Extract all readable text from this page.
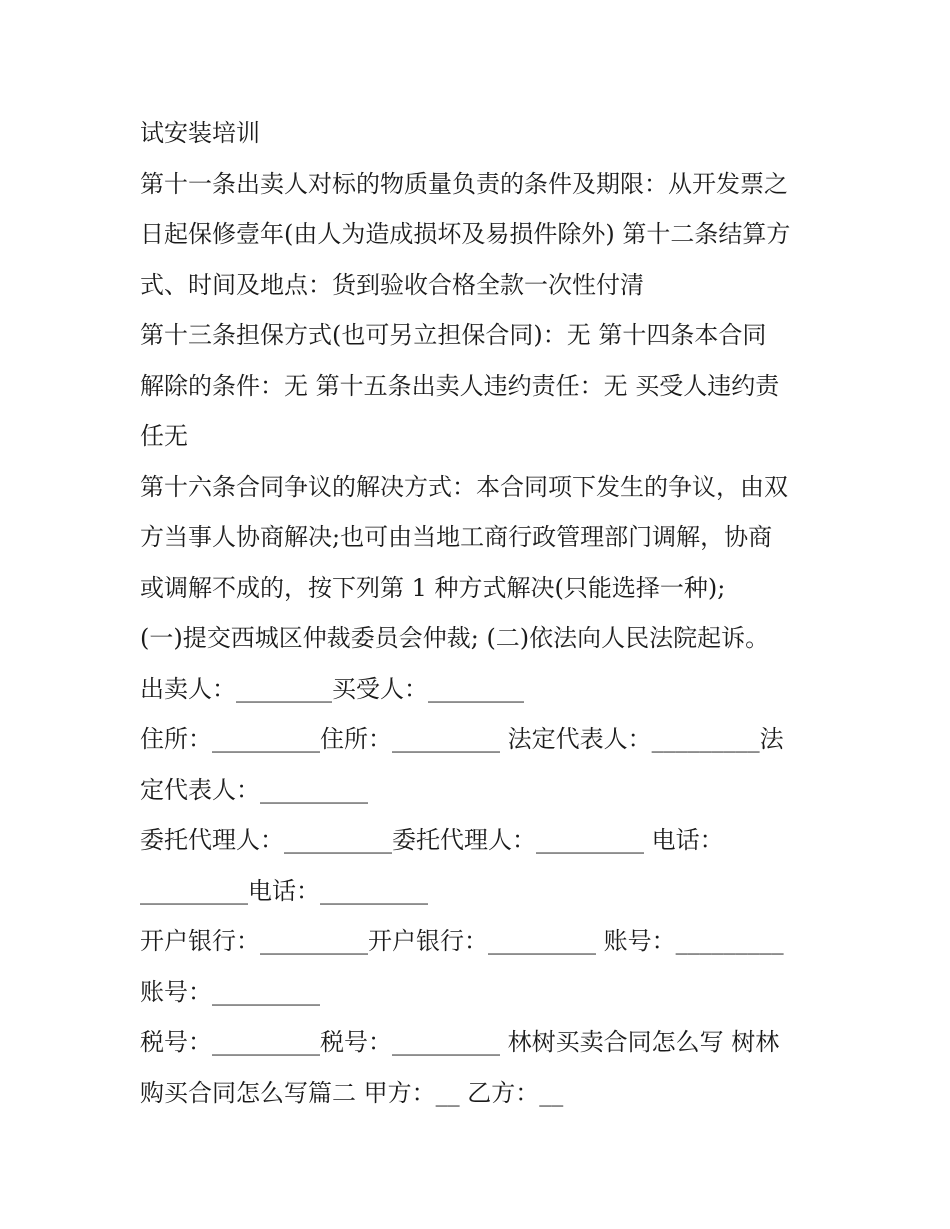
试安装培训
第十一条出卖人对标的物质量负责的条件及期限：从开发票之
日起保修壹年(由人为造成损坏及易损件除外) 第十二条结算方
式、时间及地点：货到验收合格全款一次性付清
第十三条担保方式(也可另立担保合同)：无 第十四条本合同
解除的条件：无 第十五条出卖人违约责任：无 买受人违约责
任无
第十六条合同争议的解决方式：本合同项下发生的争议，由双
方当事人协商解决;也可由当地工商行政管理部门调解，协商
或调解不成的，按下列第 1 种方式解决(只能选择一种);
(一)提交西城区仲裁委员会仲裁; (二)依法向人民法院起诉。
出卖人：________买受人：________
住所：_________住所：_________ 法定代表人：_________法
定代表人：_________
委托代理人：_________委托代理人：_________ 电话：
_________电话：_________
开户银行：_________开户银行：_________ 账号：_________
账号：_________
税号：_________税号：_________ 林树买卖合同怎么写 树林
购买合同怎么写篇二 甲方：__ 乙方：__
